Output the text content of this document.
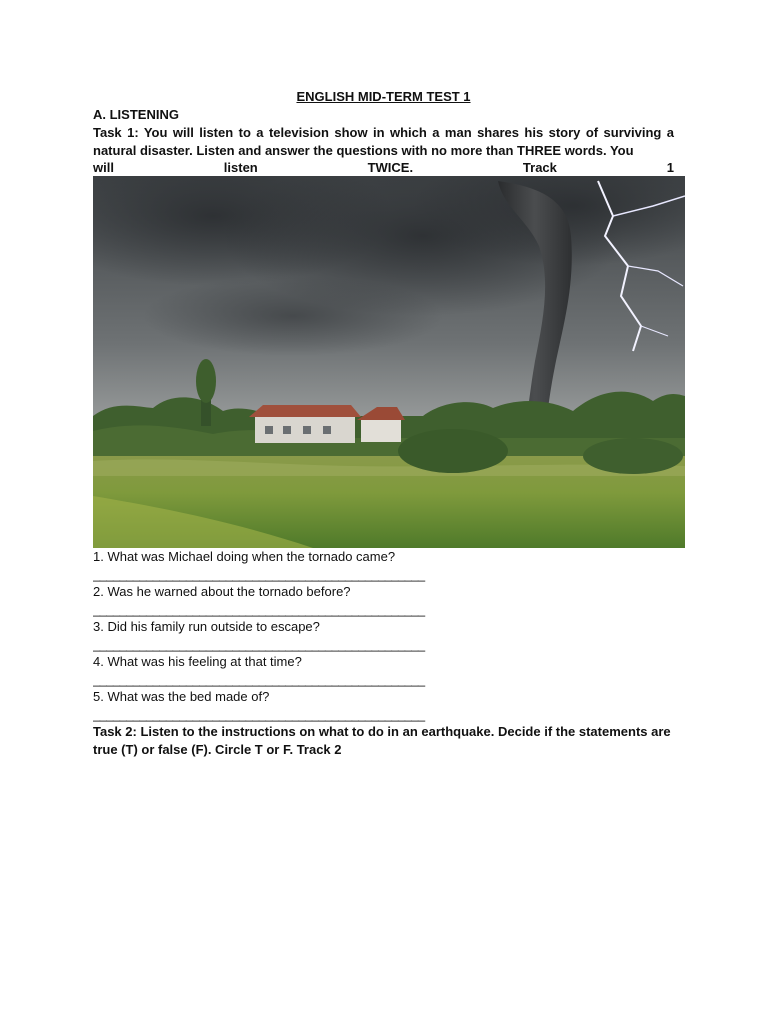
ENGLISH MID-TERM TEST 1
A. LISTENING
Task 1: You will listen to a television show in which a man shares his story of surviving a natural disaster. Listen and answer the questions with no more than THREE words. You
will	listen	TWICE.	Track	1
1. What was Michael doing when the tornado came?
__________________________________________________
2. Was he warned about the tornado before?
__________________________________________________
3. Did his family run outside to escape?
__________________________________________________
4. What was his feeling at that time?
__________________________________________________
5. What was the bed made of?
__________________________________________________
Task 2: Listen to the instructions on what to do in an earthquake. Decide if the statements are true (T) or false (F). Circle T or F. Track 2
